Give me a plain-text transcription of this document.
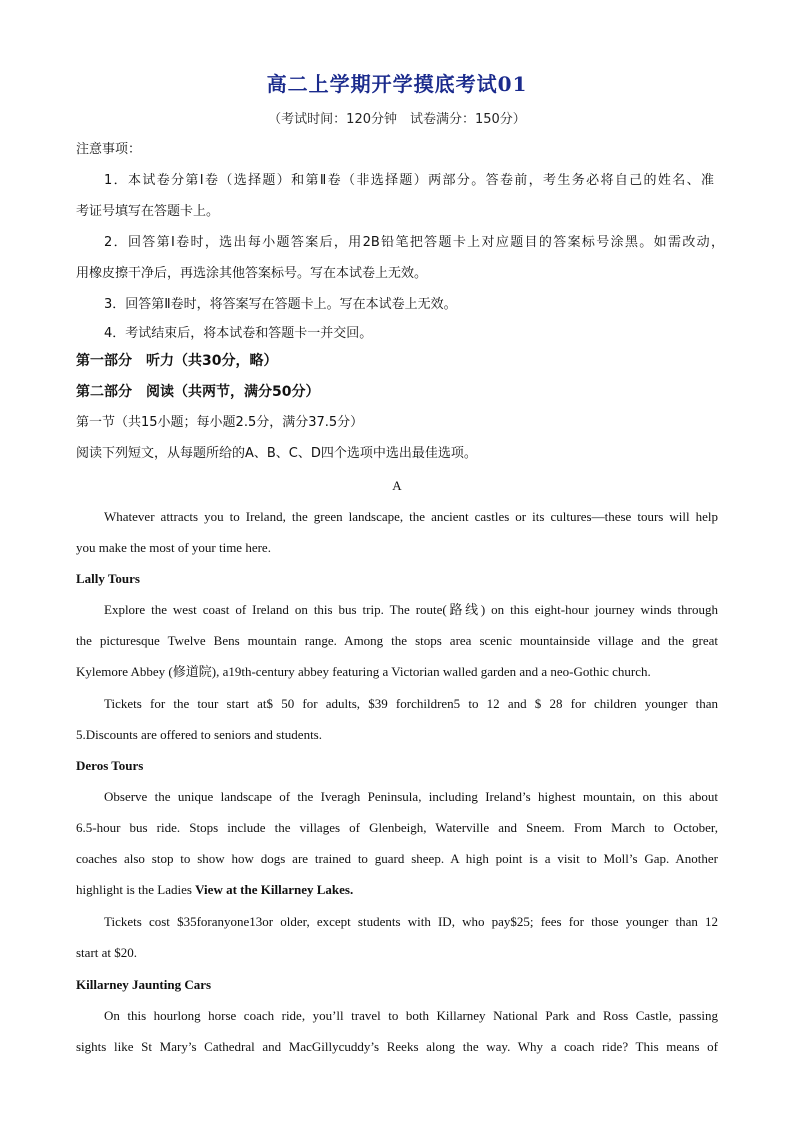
高二上学期开学摸底考试01
（考试时间：120分钟　试卷满分：150分）
注意事项：
1．本试卷分第Ⅰ卷（选择题）和第Ⅱ卷（非选择题）两部分。答卷前，考生务必将自己的姓名、准
考证号填写在答题卡上。
2．回答第Ⅰ卷时，选出每小题答案后，用2B铅笔把答题卡上对应题目的答案标号涂黑。如需改动，
用橡皮擦干净后，再选涂其他答案标号。写在本试卷上无效。
3．回答第Ⅱ卷时，将答案写在答题卡上。写在本试卷上无效。
4．考试结束后，将本试卷和答题卡一并交回。
第一部分　听力（共30分，略）
第二部分　阅读（共两节，满分50分）
第一节（共15小题；每小题2.5分，满分37.5分）
阅读下列短文，从每题所给的A、B、C、D四个选项中选出最佳选项。
A
Whatever attracts you to Ireland, the green landscape, the ancient castles or its cultures—these tours will help
you make the most of your time here.
Lally Tours
Explore the west coast of Ireland on this bus trip. The route(路线) on this eight-hour journey winds through
the picturesque Twelve Bens mountain range. Among the stops area scenic mountainside village and the great
Kylemore Abbey (修道院), a19th-century abbey featuring a Victorian walled garden and a neo-Gothic church.
Tickets for the tour start at$ 50 for adults, $39 forchildren5 to 12 and $ 28 for children younger than
5.Discounts are offered to seniors and students.
Deros Tours
Observe the unique landscape of the Iveragh Peninsula, including Ireland’s highest mountain, on this about
6.5-hour bus ride. Stops include the villages of Glenbeigh, Waterville and Sneem. From March to October,
coaches also stop to show how dogs are trained to guard sheep. A high point is a visit to Moll’s Gap. Another
highlight is the Ladies View at the Killarney Lakes.
Tickets cost $35foranyone13or older, except students with ID, who pay$25; fees for those younger than 12
start at $20.
Killarney Jaunting Cars
On this hourlong horse coach ride, you’ll travel to both Killarney National Park and Ross Castle, passing
sights like St Mary’s Cathedral and MacGillycuddy’s Reeks along the way. Why a coach ride? This means of
